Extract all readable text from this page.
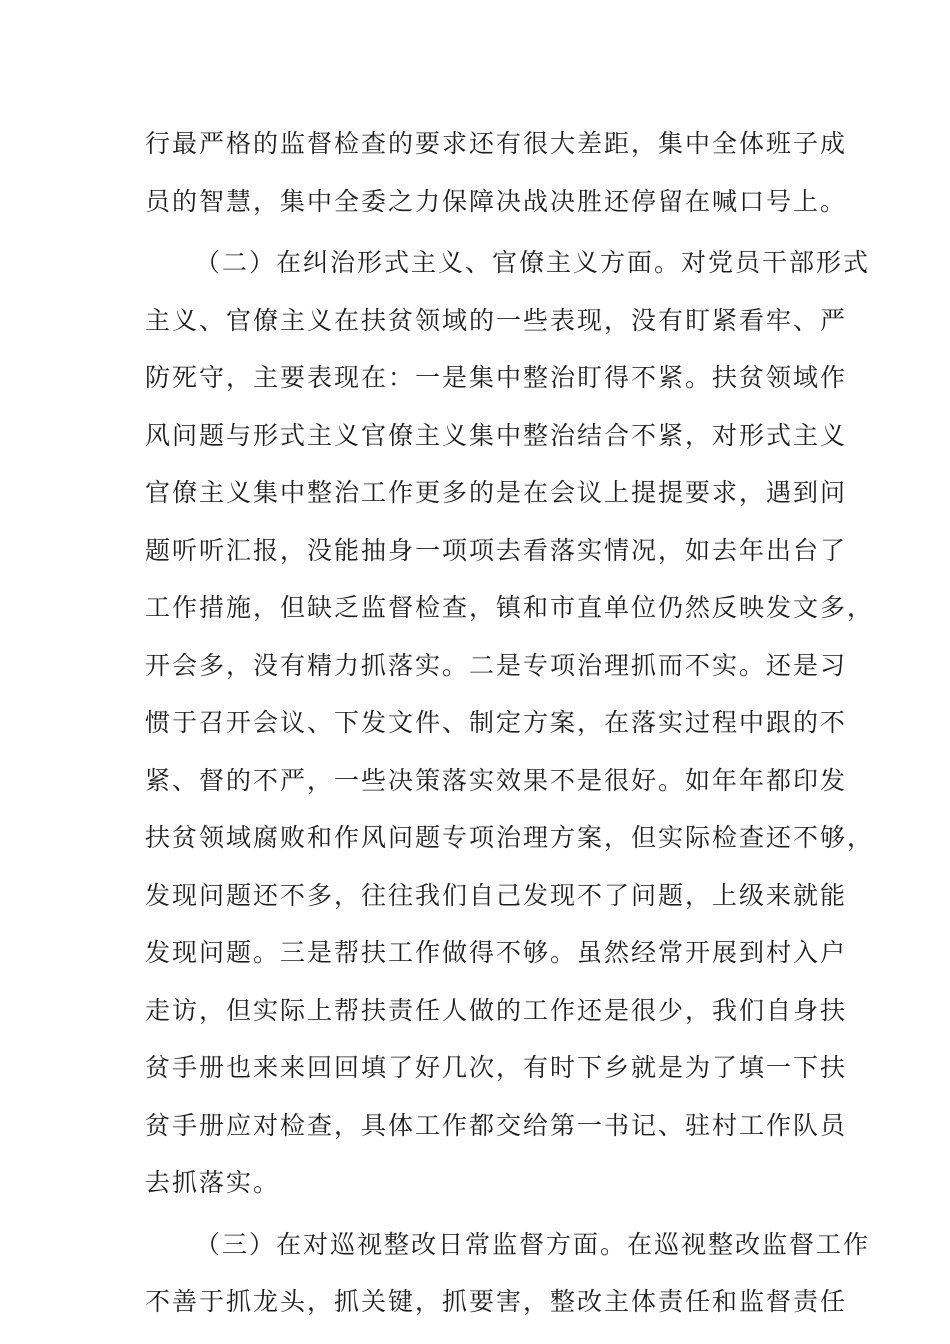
行最严格的监督检查的要求还有很大差距，集中全体班子成
员的智慧，集中全委之力保障决战决胜还停留在喊口号上。
（二）在纠治形式主义、官僚主义方面。对党员干部形式
主义、官僚主义在扶贫领域的一些表现，没有盯紧看牢、严
防死守，主要表现在：一是集中整治盯得不紧。扶贫领域作
风问题与形式主义官僚主义集中整治结合不紧，对形式主义
官僚主义集中整治工作更多的是在会议上提提要求，遇到问
题听听汇报，没能抽身一项项去看落实情况，如去年出台了
工作措施，但缺乏监督检查，镇和市直单位仍然反映发文多，
开会多，没有精力抓落实。二是专项治理抓而不实。还是习
惯于召开会议、下发文件、制定方案，在落实过程中跟的不
紧、督的不严，一些决策落实效果不是很好。如年年都印发
扶贫领域腐败和作风问题专项治理方案，但实际检查还不够，
发现问题还不多，往往我们自己发现不了问题，上级来就能
发现问题。三是帮扶工作做得不够。虽然经常开展到村入户
走访，但实际上帮扶责任人做的工作还是很少，我们自身扶
贫手册也来来回回填了好几次，有时下乡就是为了填一下扶
贫手册应对检查，具体工作都交给第一书记、驻村工作队员
去抓落实。
（三）在对巡视整改日常监督方面。在巡视整改监督工作
不善于抓龙头，抓关键，抓要害，整改主体责任和监督责任
